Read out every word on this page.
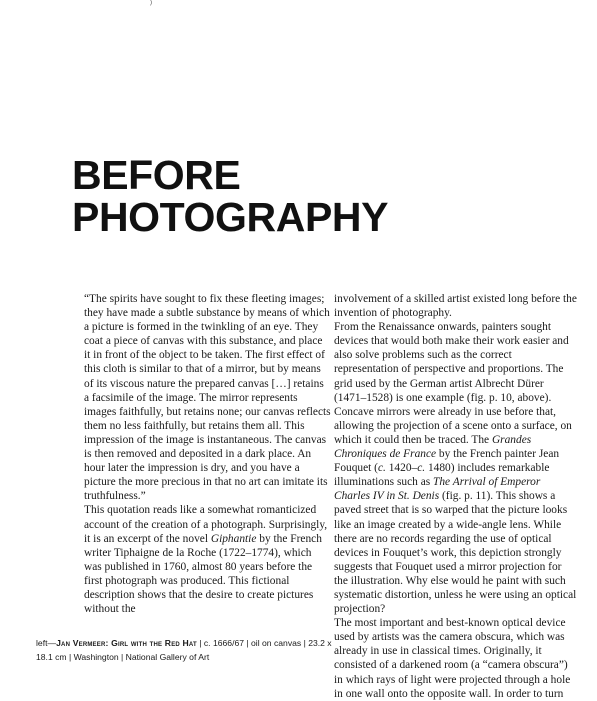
)
BEFORE
PHOTOGRAPHY

“The spirits have sought to fix these fleeting images; they have made a subtle substance by means of which a picture is formed in the twinkling of an eye. They coat a piece of canvas with this substance, and place it in front of the object to be taken. The first effect of this cloth is similar to that of a mirror, but by means of its viscous nature the prepared canvas […] retains a facsimile of the image. The mirror represents images faithfully, but retains none; our canvas reflects them no less faithfully, but retains them all. This impression of the image is instantaneous. The canvas is then removed and deposited in a dark place. An hour later the impression is dry, and you have a picture the more precious in that no art can imitate its truthfulness.”

This quotation reads like a somewhat romanticized account of the creation of a photograph. Surprisingly, it is an excerpt of the novel Giphantie by the French writer Tiphaigne de la Roche (1722–1774), which was published in 1760, almost 80 years before the first photograph was produced. This fictional description shows that the desire to create pictures without the

involvement of a skilled artist existed long before the invention of photography.

From the Renaissance onwards, painters sought devices that would both make their work easier and also solve problems such as the correct representation of perspective and proportions. The grid used by the German artist Albrecht Dürer (1471–1528) is one example (fig. p. 10, above). Concave mirrors were already in use before that, allowing the projection of a scene onto a surface, on which it could then be traced. The Grandes Chroniques de France by the French painter Jean Fouquet (c. 1420–c. 1480) includes remarkable illuminations such as The Arrival of Emperor Charles IV in St. Denis (fig. p. 11). This shows a paved street that is so warped that the picture looks like an image created by a wide-angle lens. While there are no records regarding the use of optical devices in Fouquet’s work, this depiction strongly suggests that Fouquet used a mirror projection for the illustration. Why else would he paint with such systematic distortion, unless he were using an optical projection?

The most important and best-known optical device used by artists was the camera obscura, which was already in use in classical times. Originally, it consisted of a darkened room (a “camera obscura”) in which rays of light were projected through a hole in one wall onto the opposite wall. In order to turn

left—Jan Vermeer: Girl with the Red Hat | c. 1666/67 | oil on canvas | 23.2 x 18.1 cm | Washington | National Gallery of Art
